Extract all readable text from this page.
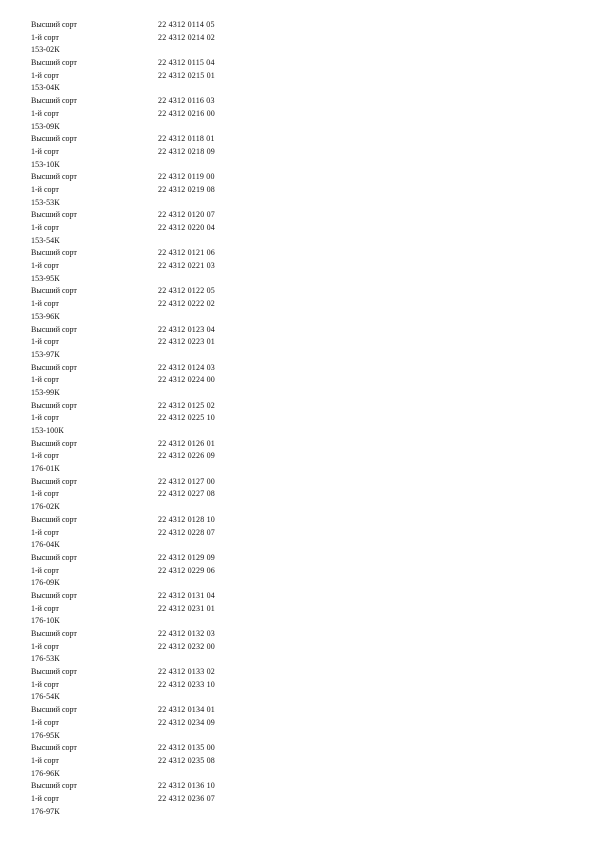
Высший сорт	22 4312 0114 05
1-й сорт	22 4312 0214 02
153-02К
Высший сорт	22 4312 0115 04
1-й сорт	22 4312 0215 01
153-04К
Высший сорт	22 4312 0116 03
1-й сорт	22 4312 0216 00
153-09К
Высший сорт	22 4312 0118 01
1-й сорт	22 4312 0218 09
153-10К
Высший сорт	22 4312 0119 00
1-й сорт	22 4312 0219 08
153-53К
Высший сорт	22 4312 0120 07
1-й сорт	22 4312 0220 04
153-54К
Высший сорт	22 4312 0121 06
1-й сорт	22 4312 0221 03
153-95К
Высший сорт	22 4312 0122 05
1-й сорт	22 4312 0222 02
153-96К
Высший сорт	22 4312 0123 04
1-й сорт	22 4312 0223 01
153-97К
Высший сорт	22 4312 0124 03
1-й сорт	22 4312 0224 00
153-99К
Высший сорт	22 4312 0125 02
1-й сорт	22 4312 0225 10
153-100К
Высший сорт	22 4312 0126 01
1-й сорт	22 4312 0226 09
176-01К
Высший сорт	22 4312 0127 00
1-й сорт	22 4312 0227 08
176-02К
Высший сорт	22 4312 0128 10
1-й сорт	22 4312 0228 07
176-04К
Высший сорт	22 4312 0129 09
1-й сорт	22 4312 0229 06
176-09К
Высший сорт	22 4312 0131 04
1-й сорт	22 4312 0231 01
176-10К
Высший сорт	22 4312 0132 03
1-й сорт	22 4312 0232 00
176-53К
Высший сорт	22 4312 0133 02
1-й сорт	22 4312 0233 10
176-54К
Высший сорт	22 4312 0134 01
1-й сорт	22 4312 0234 09
176-95К
Высший сорт	22 4312 0135 00
1-й сорт	22 4312 0235 08
176-96К
Высший сорт	22 4312 0136 10
1-й сорт	22 4312 0236 07
176-97К
